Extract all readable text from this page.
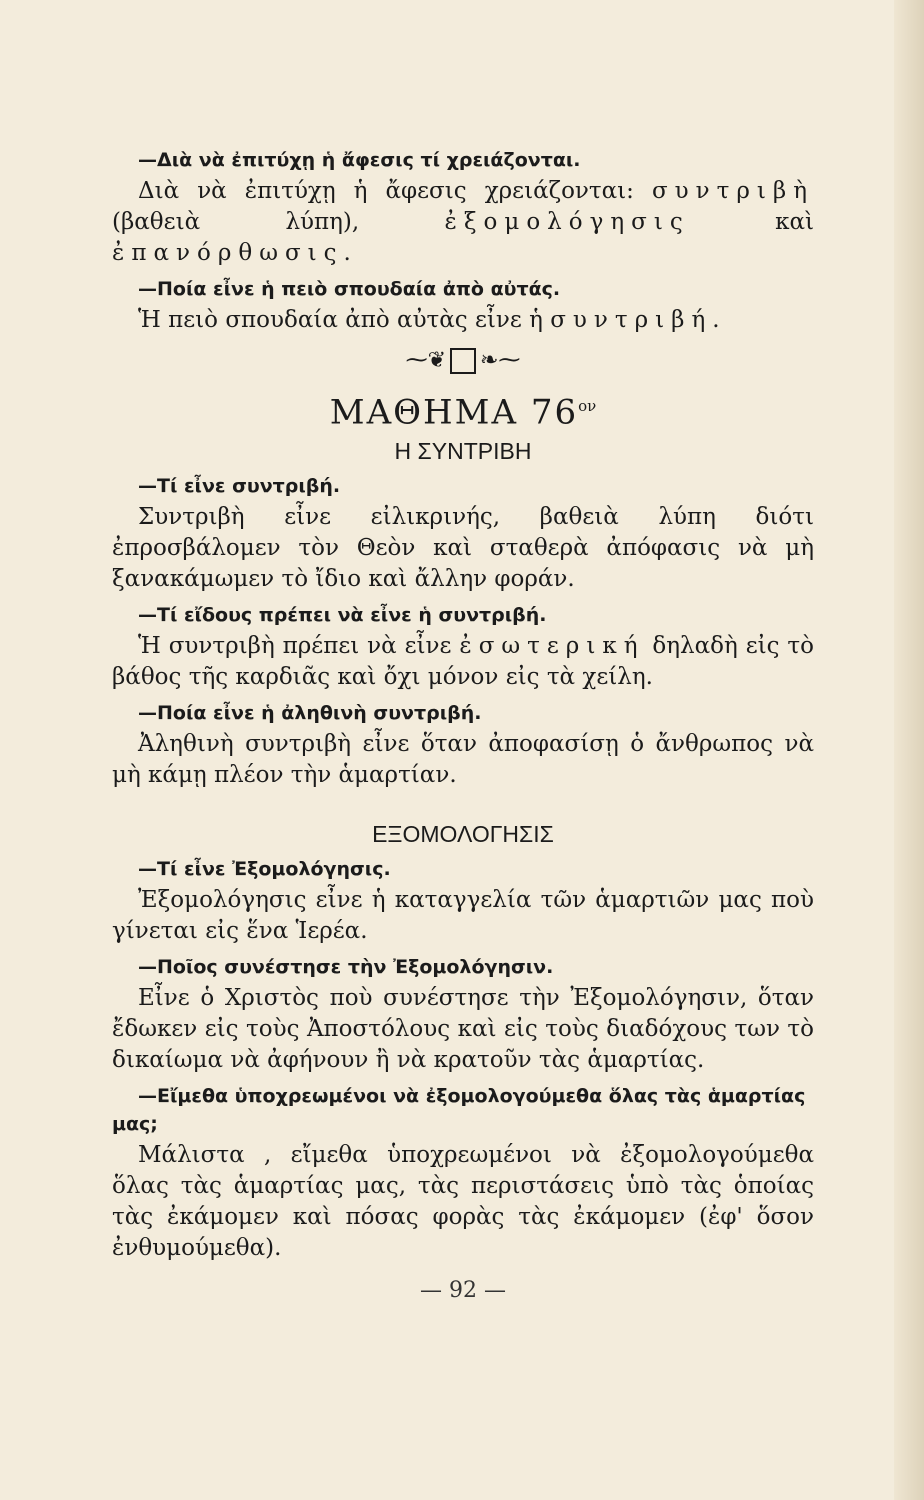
—Διὰ νὰ ἐπιτύχῃ ἡ ἄφεσις τί χρειάζονται.

Διὰ νὰ ἐπιτύχῃ ἡ ἄφεσις χρειάζονται: συντριβὴ (βαθειὰ λύπη), ἐξομολόγησις καὶ ἐπανόρθωσις.

—Ποία εἶνε ἡ πειὸ σπουδαία ἀπὸ αὐτάς.

Ἡ πειὸ σπουδαία ἀπὸ αὐτὰς εἶνε ἡ συντριβή.

⁓❦ ❧⁓
ΜΑΘΗΜΑ $76^{o\nu}$
Η ΣΥΝΤΡΙΒΗ

—Τί εἶνε συντριβή.

Συντριβὴ εἶνε εἰλικρινής, βαθειὰ λύπη διότι ἐπροσβάλομεν τὸν Θεὸν καὶ σταθερὰ ἀπόφασις νὰ μὴ ξανακάμωμεν τὸ ἴδιο καὶ ἄλλην φοράν.

—Τί εἴδους πρέπει νὰ εἶνε ἡ συντριβή.

Ἡ συντριβὴ πρέπει νὰ εἶνε ἐσωτερική δηλαδὴ εἰς τὸ βάθος τῆς καρδιᾶς καὶ ὄχι μόνον εἰς τὰ χείλη.

—Ποία εἶνε ἡ ἀληθινὴ συντριβή.

Ἀληθινὴ συντριβὴ εἶνε ὅταν ἀποφασίσῃ ὁ ἄνθρωπος νὰ μὴ κάμῃ πλέον τὴν ἁμαρτίαν.

ΕΞΟΜΟΛΟΓΗΣΙΣ

—Τί εἶνε Ἐξομολόγησις.

Ἐξομολόγησις εἶνε ἡ καταγγελία τῶν ἁμαρτιῶν μας ποὺ γίνεται εἰς ἕνα Ἱερέα.

—Ποῖος συνέστησε τὴν Ἐξομολόγησιν.

Εἶνε ὁ Χριστὸς ποὺ συνέστησε τὴν Ἐξομολόγησιν, ὅταν ἔδωκεν εἰς τοὺς Ἀποστόλους καὶ εἰς τοὺς διαδόχους των τὸ δικαίωμα νὰ ἀφήνουν ἢ νὰ κρατοῦν τὰς ἁμαρτίας.

—Εἴμεθα ὑποχρεωμένοι νὰ ἐξομολογούμεθα ὅλας τὰς ἁμαρτίας μας;

Μάλιστα , εἴμεθα ὑποχρεωμένοι νὰ ἐξομολογούμεθα ὅλας τὰς ἁμαρτίας μας, τὰς περιστάσεις ὑπὸ τὰς ὁποίας τὰς ἐκάμομεν καὶ πόσας φορὰς τὰς ἐκάμομεν (ἐφ' ὅσον ἐνθυμούμεθα).

— 92 —
